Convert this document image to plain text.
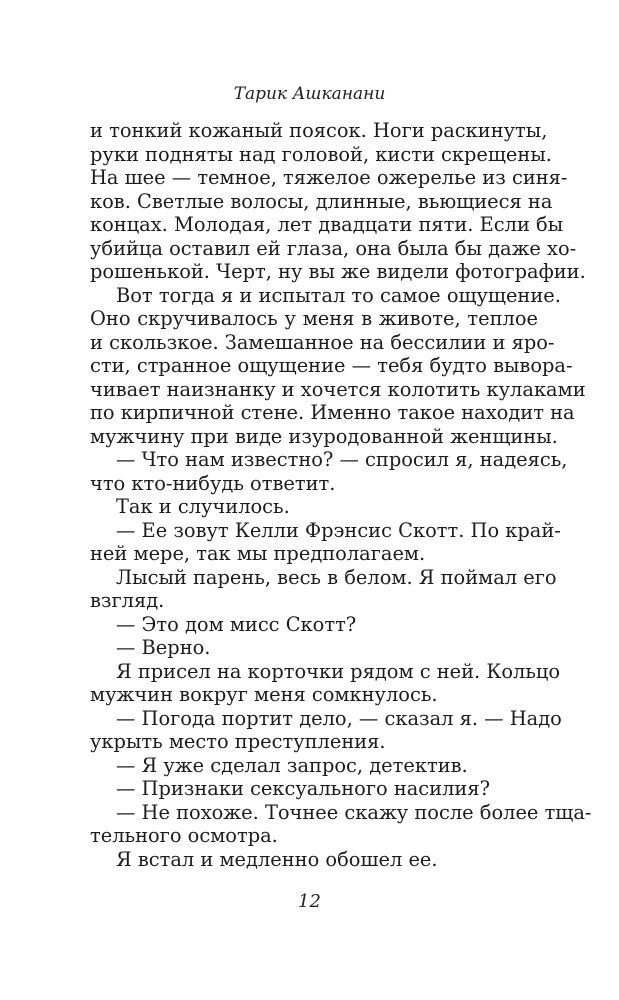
Тарик Ашканани
и тонкий кожаный поясок. Ноги раскинуты,
руки подняты над головой, кисти скрещены.
На шее — темное, тяжелое ожерелье из синя-
ков. Светлые волосы, длинные, вьющиеся на
концах. Молодая, лет двадцати пяти. Если бы
убийца оставил ей глаза, она была бы даже хо-
рошенькой. Черт, ну вы же видели фотографии.
Вот тогда я и испытал то самое ощущение.
Оно скручивалось у меня в животе, теплое
и скользкое. Замешанное на бессилии и яро-
сти, странное ощущение — тебя будто вывора-
чивает наизнанку и хочется колотить кулаками
по кирпичной стене. Именно такое находит на
мужчину при виде изуродованной женщины.
— Что нам известно? — спросил я, надеясь,
что кто-нибудь ответит.
Так и случилось.
— Ее зовут Келли Фрэнсис Скотт. По край-
ней мере, так мы предполагаем.
Лысый парень, весь в белом. Я поймал его
взгляд.
— Это дом мисс Скотт?
— Верно.
Я присел на корточки рядом с ней. Кольцо
мужчин вокруг меня сомкнулось.
— Погода портит дело, — сказал я. — Надо
укрыть место преступления.
— Я уже сделал запрос, детектив.
— Признаки сексуального насилия?
— Не похоже. Точнее скажу после более тща-
тельного осмотра.
Я встал и медленно обошел ее.
12
